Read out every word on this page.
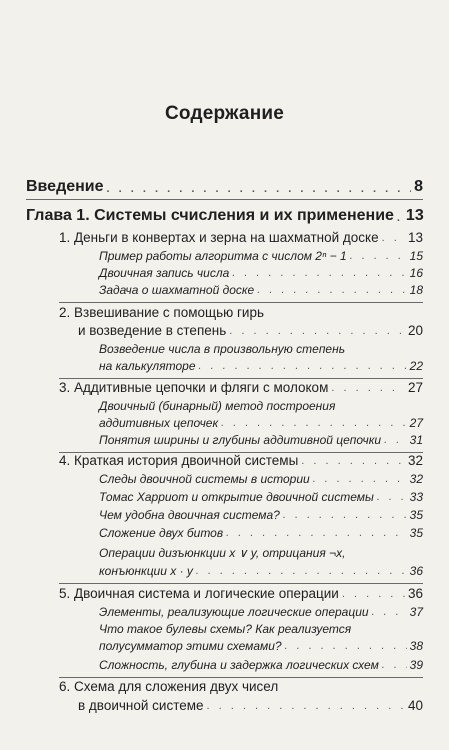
Содержание
Введение . . .	8
Глава 1. Системы счисления и их применение . . . 13
1. Деньги в конвертах и зерна на шахматной доске . . . 13
Пример работы алгоритма с числом 2ⁿ − 1 . . .	15
Двоичная запись числа . . .	16
Задача о шахматной доске . . .	18
2. Взвешивание с помощью гирь
и возведение в степень . . .	20
Возведение числа в произвольную степень
на калькуляторе . . .	22
3. Аддитивные цепочки и фляги с молоком . . .	27
Двоичный (бинарный) метод построения
аддитивных цепочек . . .	27
Понятия ширины и глубины аддитивной цепочки . . . 31
4. Краткая история двоичной системы . . .	32
Следы двоичной системы в истории . . .	32
Томас Харриот и открытие двоичной системы . . .	33
Чем удобна двоичная система? . . .	35
Сложение двух битов . . .	35
Операции дизъюнкции x ∨ y, отрицания ¬x,
конъюнкции x · y . . .	36
5. Двоичная система и логические операции . . .	36
Элементы, реализующие логические операции . . .	37
Что такое булевы схемы? Как реализуется
полусумматор этими схемами? . . .	38
Сложность, глубина и задержка логических схем . . .	39
6. Схема для сложения двух чисел
в двоичной системе . . .	40
